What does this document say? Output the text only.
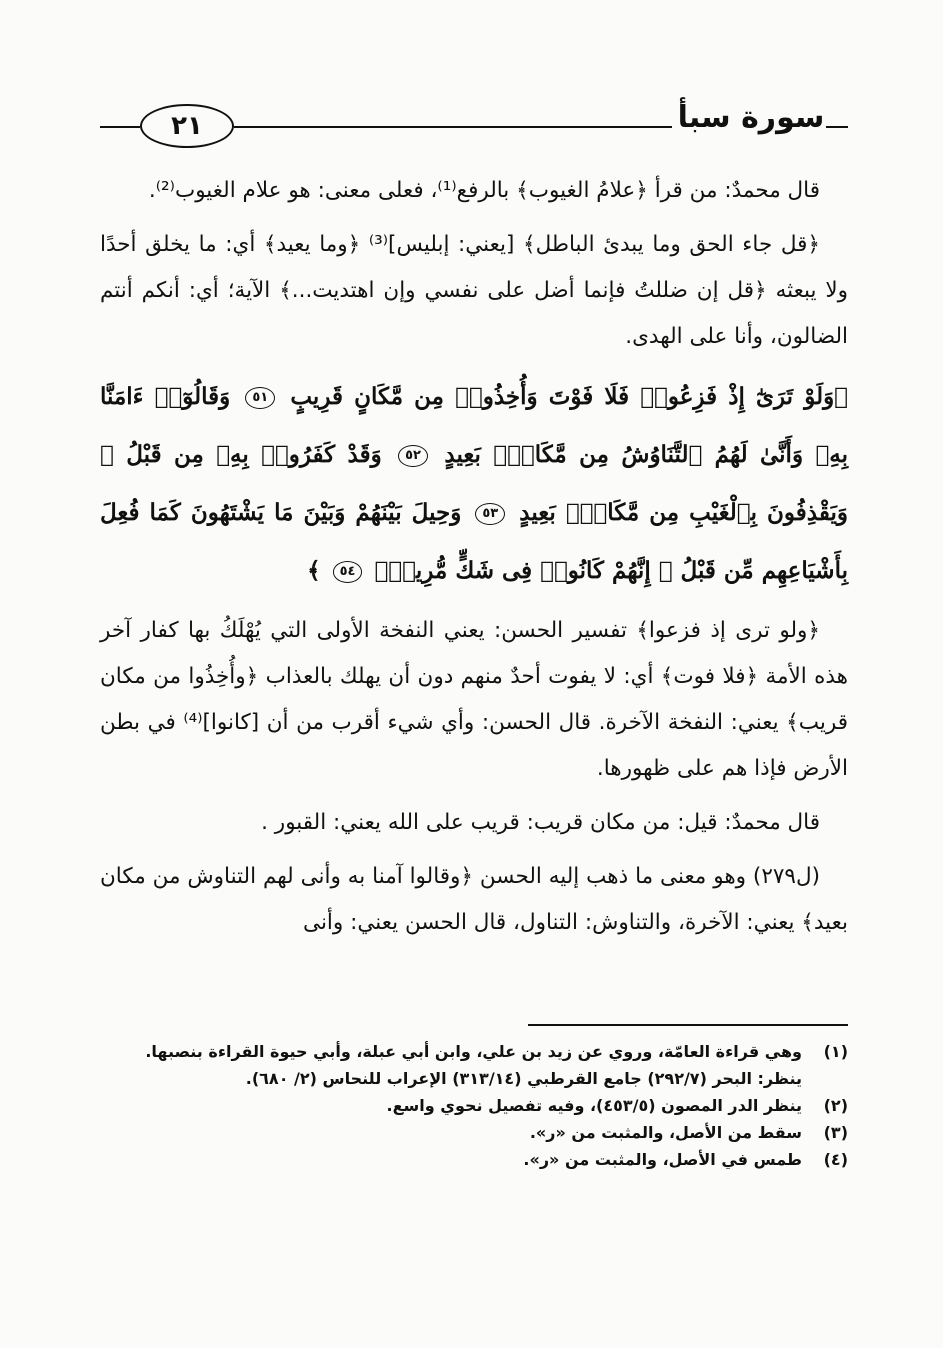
٢١	سورة سبأ

قال محمدٌ: من قرأ ﴿علامُ الغيوب﴾ بالرفع⁽¹⁾، فعلى معنى: هو علام الغيوب⁽²⁾.

﴿قل جاء الحق وما يبدئ الباطل﴾ [يعني: إبليس]⁽³⁾ ﴿وما يعيد﴾ أي: ما يخلق أحدًا ولا يبعثه ﴿قل إن ضللتُ فإنما أضل على نفسي وإن اهتديت...﴾ الآية؛ أي: أنكم أنتم الضالون، وأنا على الهدى.

﴿وَلَوْ تَرَىٰٓ إِذْ فَزِعُوا۟ فَلَا فَوْتَ وَأُخِذُوا۟ مِن مَّكَانٍ قَرِيبٍ ٥١ وَقَالُوٓا۟ ءَامَنَّا بِهِۦ وَأَنَّىٰ لَهُمُ ٱلتَّنَاوُشُ مِن مَّكَانٍۭ بَعِيدٍ ٥٢ وَقَدْ كَفَرُوا۟ بِهِۦ مِن قَبْلُ ۖ وَيَقْذِفُونَ بِٱلْغَيْبِ مِن مَّكَانٍۭ بَعِيدٍ ٥٣ وَحِيلَ بَيْنَهُمْ وَبَيْنَ مَا يَشْتَهُونَ كَمَا فُعِلَ بِأَشْيَاعِهِم مِّن قَبْلُ ۚ إِنَّهُمْ كَانُوا۟ فِى شَكٍّ مُّرِيبٍۭ ٥٤ ﴾

﴿ولو ترى إذ فزعوا﴾ تفسير الحسن: يعني النفخة الأولى التي يُهْلَكُ بها كفار آخر هذه الأمة ﴿فلا فوت﴾ أي: لا يفوت أحدٌ منهم دون أن يهلك بالعذاب ﴿وأُخِذُوا من مكان قريب﴾ يعني: النفخة الآخرة. قال الحسن: وأي شيء أقرب من أن [كانوا]⁽⁴⁾ في بطن الأرض فإذا هم على ظهورها.

قال محمدٌ: قيل: من مكان قريب: قريب على الله يعني: القبور .

(ل٢٧٩) وهو معنى ما ذهب إليه الحسن ﴿وقالوا آمنا به وأنى لهم التناوش من مكان بعيد﴾ يعني: الآخرة، والتناوش: التناول، قال الحسن يعني: وأنى

(١)
وهي قراءة العامّة، وروي عن زيد بن علي، وابن أبي عبلة، وأبي حيوة القراءة بنصبها.
ينظر: البحر (٢٩٢/٧) جامع القرطبي (٣١٣/١٤) الإعراب للنحاس (٢/ ٦٨٠).
(٢)
ينظر الدر المصون (٤٥٣/٥)، وفيه تفصيل نحوي واسع.
(٣)
سقط من الأصل، والمثبت من «ر».
(٤)
طمس في الأصل، والمثبت من «ر».
